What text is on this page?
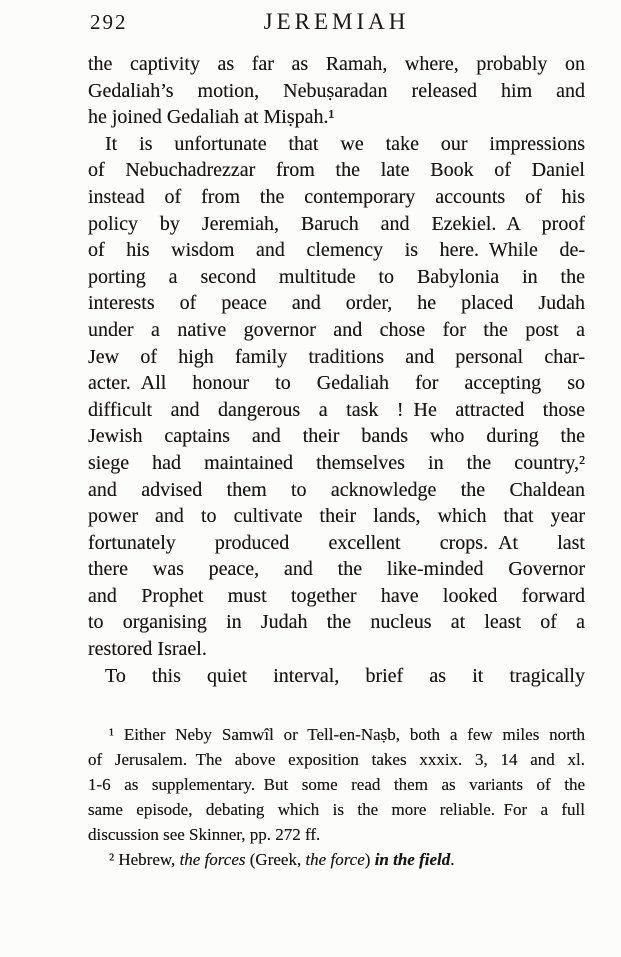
292	JEREMIAH
the captivity as far as Ramah, where, probably on
Gedaliah’s motion, Nebuṣaradan released him and
he joined Gedaliah at Miṣpah.¹
It is unfortunate that we take our impressions
of Nebuchadrezzar from the late Book of Daniel
instead of from the contemporary accounts of his
policy by Jeremiah, Baruch and Ezekiel. A proof
of his wisdom and clemency is here. While de-
porting a second multitude to Babylonia in the
interests of peace and order, he placed Judah
under a native governor and chose for the post a
Jew of high family traditions and personal char-
acter. All honour to Gedaliah for accepting so
difficult and dangerous a task ! He attracted those
Jewish captains and their bands who during the
siege had maintained themselves in the country,²
and advised them to acknowledge the Chaldean
power and to cultivate their lands, which that year
fortunately produced excellent crops. At last
there was peace, and the like-minded Governor
and Prophet must together have looked forward
to organising in Judah the nucleus at least of a
restored Israel.
To this quiet interval, brief as it tragically
¹ Either Neby Samwîl or Tell-en-Naṣb, both a few miles north
of Jerusalem. The above exposition takes xxxix. 3, 14 and xl.
1-6 as supplementary. But some read them as variants of the
same episode, debating which is the more reliable. For a full
discussion see Skinner, pp. 272 ff.
² Hebrew, the forces (Greek, the force) in the field.
